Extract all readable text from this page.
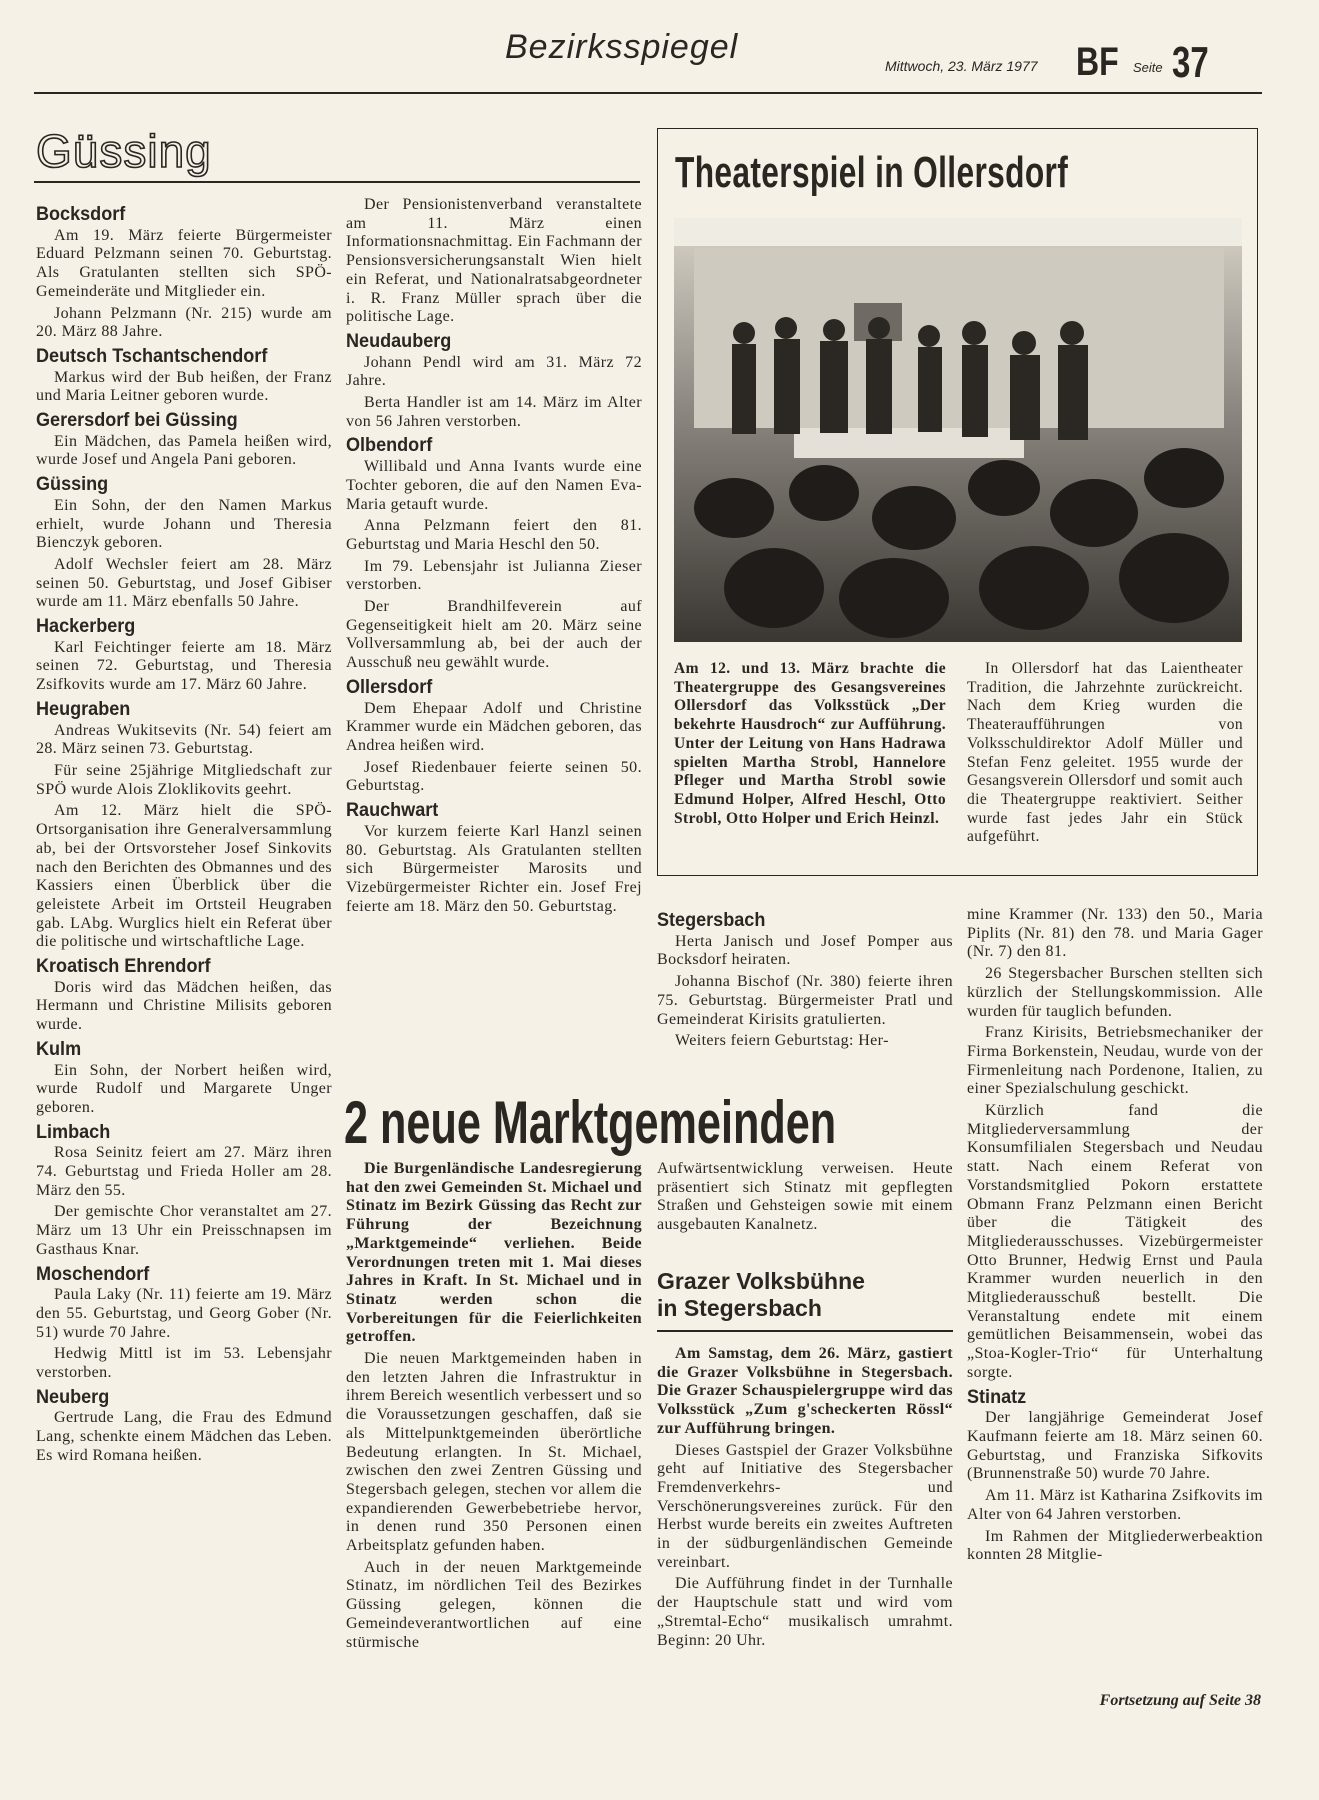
Bezirksspiegel	Mittwoch, 23. März 1977 BF Seite 37
Güssing
Bocksdorf

Am 19. März feierte Bürgermeister Eduard Pelzmann seinen 70. Geburtstag. Als Gratulanten stellten sich SPÖ-Gemeinderäte und Mitglieder ein.

Johann Pelzmann (Nr. 215) wurde am 20. März 88 Jahre.

Deutsch Tschantschendorf

Markus wird der Bub heißen, der Franz und Maria Leitner geboren wurde.

Gerersdorf bei Güssing

Ein Mädchen, das Pamela heißen wird, wurde Josef und Angela Pani geboren.

Güssing

Ein Sohn, der den Namen Markus erhielt, wurde Johann und Theresia Bienczyk geboren.

Adolf Wechsler feiert am 28. März seinen 50. Geburtstag, und Josef Gibiser wurde am 11. März ebenfalls 50 Jahre.

Hackerberg

Karl Feichtinger feierte am 18. März seinen 72. Geburtstag, und Theresia Zsifkovits wurde am 17. März 60 Jahre.

Heugraben

Andreas Wukitsevits (Nr. 54) feiert am 28. März seinen 73. Geburtstag.

Für seine 25jährige Mitgliedschaft zur SPÖ wurde Alois Zloklikovits geehrt.

Am 12. März hielt die SPÖ-Ortsorganisation ihre Generalversammlung ab, bei der Ortsvorsteher Josef Sinkovits nach den Berichten des Obmannes und des Kassiers einen Überblick über die geleistete Arbeit im Ortsteil Heugraben gab. LAbg. Wurglics hielt ein Referat über die politische und wirtschaftliche Lage.

Kroatisch Ehrendorf

Doris wird das Mädchen heißen, das Hermann und Christine Milisits geboren wurde.

Kulm

Ein Sohn, der Norbert heißen wird, wurde Rudolf und Margarete Unger geboren.

Limbach

Rosa Seinitz feiert am 27. März ihren 74. Geburtstag und Frieda Holler am 28. März den 55.

Der gemischte Chor veranstaltet am 27. März um 13 Uhr ein Preisschnapsen im Gasthaus Knar.

Moschendorf

Paula Laky (Nr. 11) feierte am 19. März den 55. Geburtstag, und Georg Gober (Nr. 51) wurde 70 Jahre.

Hedwig Mittl ist im 53. Lebensjahr verstorben.

Neuberg

Gertrude Lang, die Frau des Edmund Lang, schenkte einem Mädchen das Leben. Es wird Romana heißen.

Der Pensionistenverband veranstaltete am 11. März einen Informationsnachmittag. Ein Fachmann der Pensionsversicherungsanstalt Wien hielt ein Referat, und Nationalratsabgeordneter i. R. Franz Müller sprach über die politische Lage.

Neudauberg

Johann Pendl wird am 31. März 72 Jahre.

Berta Handler ist am 14. März im Alter von 56 Jahren verstorben.

Olbendorf

Willibald und Anna Ivants wurde eine Tochter geboren, die auf den Namen Eva-Maria getauft wurde.

Anna Pelzmann feiert den 81. Geburtstag und Maria Heschl den 50.

Im 79. Lebensjahr ist Julianna Zieser verstorben.

Der Brandhilfeverein auf Gegenseitigkeit hielt am 20. März seine Vollversammlung ab, bei der auch der Ausschuß neu gewählt wurde.

Ollersdorf

Dem Ehepaar Adolf und Christine Krammer wurde ein Mädchen geboren, das Andrea heißen wird.

Josef Riedenbauer feierte seinen 50. Geburtstag.

Rauchwart

Vor kurzem feierte Karl Hanzl seinen 80. Geburtstag. Als Gratulanten stellten sich Bürgermeister Marosits und Vizebürgermeister Richter ein. Josef Frej feierte am 18. März den 50. Geburtstag.

Theaterspiel in Ollersdorf

Am 12. und 13. März brachte die Theatergruppe des Gesangsvereines Ollersdorf das Volksstück „Der bekehrte Hausdroch“ zur Aufführung. Unter der Leitung von Hans Hadrawa spielten Martha Strobl, Hannelore Pfleger und Martha Strobl sowie Edmund Holper, Alfred Heschl, Otto Strobl, Otto Holper und Erich Heinzl.

In Ollersdorf hat das Laientheater Tradition, die Jahrzehnte zurückreicht. Nach dem Krieg wurden die Theateraufführungen von Volksschuldirektor Adolf Müller und Stefan Fenz geleitet. 1955 wurde der Gesangsverein Ollersdorf und somit auch die Theatergruppe reaktiviert. Seither wurde fast jedes Jahr ein Stück aufgeführt.

Stegersbach

Herta Janisch und Josef Pomper aus Bocksdorf heiraten.

Johanna Bischof (Nr. 380) feierte ihren 75. Geburtstag. Bürgermeister Pratl und Gemeinderat Kirisits gratulierten.

Weiters feiern Geburtstag: Her-

mine Krammer (Nr. 133) den 50., Maria Piplits (Nr. 81) den 78. und Maria Gager (Nr. 7) den 81.

26 Stegersbacher Burschen stellten sich kürzlich der Stellungskommission. Alle wurden für tauglich befunden.

Franz Kirisits, Betriebsmechaniker der Firma Borkenstein, Neudau, wurde von der Firmenleitung nach Pordenone, Italien, zu einer Spezialschulung geschickt.

Kürzlich fand die Mitgliederversammlung der Konsumfilialen Stegersbach und Neudau statt. Nach einem Referat von Vorstandsmitglied Pokorn erstattete Obmann Franz Pelzmann einen Bericht über die Tätigkeit des Mitgliederausschusses. Vizebürgermeister Otto Brunner, Hedwig Ernst und Paula Krammer wurden neuerlich in den Mitgliederausschuß bestellt. Die Veranstaltung endete mit einem gemütlichen Beisammensein, wobei das „Stoa-Kogler-Trio“ für Unterhaltung sorgte.

Stinatz

Der langjährige Gemeinderat Josef Kaufmann feierte am 18. März seinen 60. Geburtstag, und Franziska Sifkovits (Brunnenstraße 50) wurde 70 Jahre.

Am 11. März ist Katharina Zsifkovits im Alter von 64 Jahren verstorben.

Im Rahmen der Mitgliederwerbeaktion konnten 28 Mitglie-

2 neue Marktgemeinden

Die Burgenländische Landesregierung hat den zwei Gemeinden St. Michael und Stinatz im Bezirk Güssing das Recht zur Führung der Bezeichnung „Marktgemeinde“ verliehen. Beide Verordnungen treten mit 1. Mai dieses Jahres in Kraft. In St. Michael und in Stinatz werden schon die Vorbereitungen für die Feierlichkeiten getroffen.

Die neuen Marktgemeinden haben in den letzten Jahren die Infrastruktur in ihrem Bereich wesentlich verbessert und so die Voraussetzungen geschaffen, daß sie als Mittelpunktgemeinden überörtliche Bedeutung erlangten. In St. Michael, zwischen den zwei Zentren Güssing und Stegersbach gelegen, stechen vor allem die expandierenden Gewerbebetriebe hervor, in denen rund 350 Personen einen Arbeitsplatz gefunden haben.

Auch in der neuen Marktgemeinde Stinatz, im nördlichen Teil des Bezirkes Güssing gelegen, können die Gemeindeverantwortlichen auf eine stürmische

Aufwärtsentwicklung verweisen. Heute präsentiert sich Stinatz mit gepflegten Straßen und Gehsteigen sowie mit einem ausgebauten Kanalnetz.

Grazer Volksbühne
in Stegersbach

Am Samstag, dem 26. März, gastiert die Grazer Volksbühne in Stegersbach. Die Grazer Schauspielergruppe wird das Volksstück „Zum g'scheckerten Rössl“ zur Aufführung bringen.

Dieses Gastspiel der Grazer Volksbühne geht auf Initiative des Stegersbacher Fremdenverkehrs- und Verschönerungsvereines zurück. Für den Herbst wurde bereits ein zweites Auftreten in der südburgenländischen Gemeinde vereinbart.

Die Aufführung findet in der Turnhalle der Hauptschule statt und wird vom „Stremtal-Echo“ musikalisch umrahmt. Beginn: 20 Uhr.

Fortsetzung auf Seite 38
